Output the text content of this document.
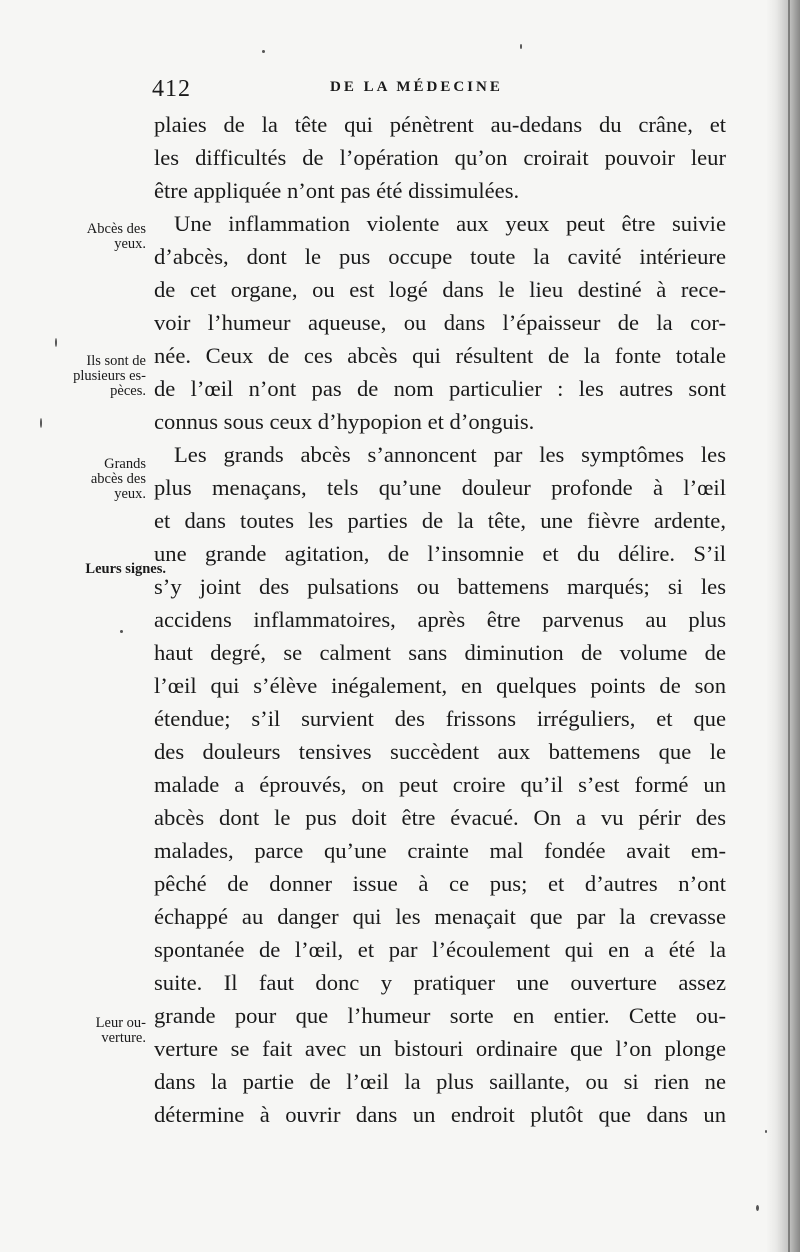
412	DE LA MÉDECINE
Abcès des
yeux.
Ils sont de
plusieurs es-
pèces.
Grands
abcès des
yeux.
Leurs signes.
Leur ou-
verture.
plaies de la tête qui pénètrent au-dedans du crâne, et
les difficultés de l’opération qu’on croirait pouvoir leur
être appliquée n’ont pas été dissimulées.
Une inflammation violente aux yeux peut être suivie
d’abcès, dont le pus occupe toute la cavité intérieure
de cet organe, ou est logé dans le lieu destiné à rece-
voir l’humeur aqueuse, ou dans l’épaisseur de la cor-
née. Ceux de ces abcès qui résultent de la fonte totale
de l’œil n’ont pas de nom particulier : les autres sont
connus sous ceux d’hypopion et d’onguis.
Les grands abcès s’annoncent par les symptômes les
plus menaçans, tels qu’une douleur profonde à l’œil
et dans toutes les parties de la tête, une fièvre ardente,
une grande agitation, de l’insomnie et du délire. S’il
s’y joint des pulsations ou battemens marqués; si les
accidens inflammatoires, après être parvenus au plus
haut degré, se calment sans diminution de volume de
l’œil qui s’élève inégalement, en quelques points de son
étendue; s’il survient des frissons irréguliers, et que
des douleurs tensives succèdent aux battemens que le
malade a éprouvés, on peut croire qu’il s’est formé un
abcès dont le pus doit être évacué. On a vu périr des
malades, parce qu’une crainte mal fondée avait em-
pêché de donner issue à ce pus; et d’autres n’ont
échappé au danger qui les menaçait que par la crevasse
spontanée de l’œil, et par l’écoulement qui en a été la
suite. Il faut donc y pratiquer une ouverture assez
grande pour que l’humeur sorte en entier. Cette ou-
verture se fait avec un bistouri ordinaire que l’on plonge
dans la partie de l’œil la plus saillante, ou si rien ne
détermine à ouvrir dans un endroit plutôt que dans un
